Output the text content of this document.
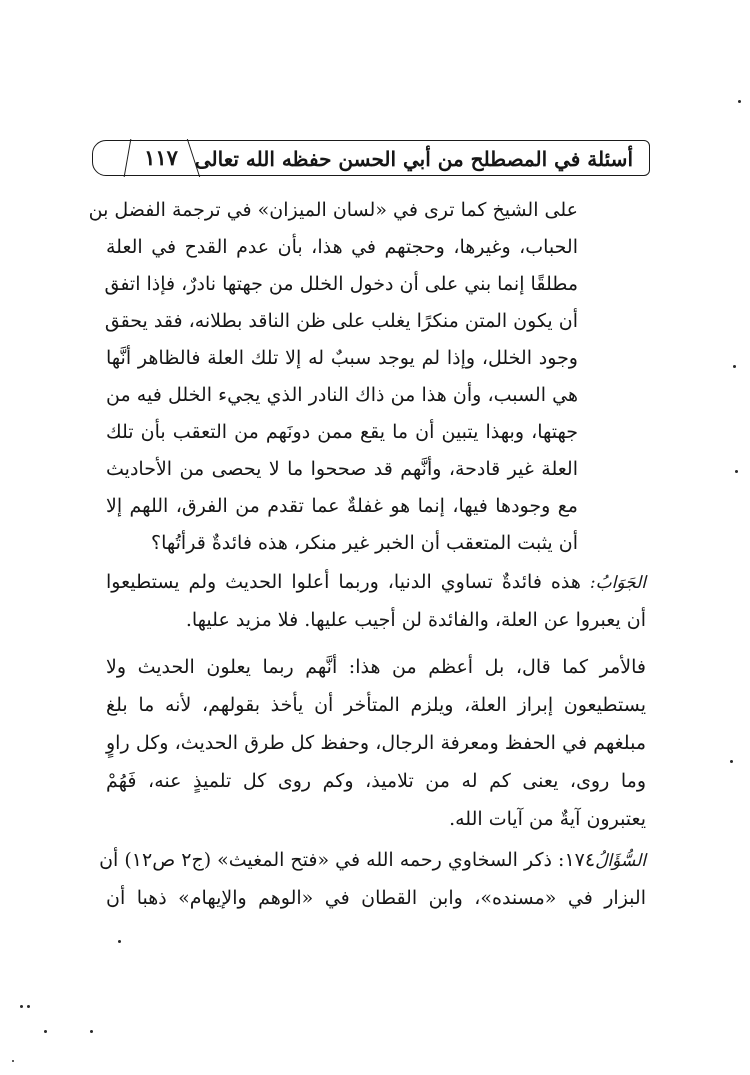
أسئلة في المصطلح من أبي الحسن حفظه الله تعالى
١١٧
على الشيخ كما ترى في «لسان الميزان» في ترجمة الفضل بن
الحباب، وغيرها، وحجتهم في هذا، بأن عدم القدح في العلة
مطلقًا إنما بني على أن دخول الخلل من جهتها نادرٌ، فإذا اتفق
أن يكون المتن منكرًا يغلب على ظن الناقد بطلانه، فقد يحقق
وجود الخلل، وإذا لم يوجد سببٌ له إلا تلك العلة فالظاهر أنَّها
هي السبب، وأن هذا من ذاك النادر الذي يجيء الخلل فيه من
جهتها، وبهذا يتبين أن ما يقع ممن دونَهم من التعقب بأن تلك
العلة غير قادحة، وأنَّهم قد صححوا ما لا يحصى من الأحاديث
مع وجودها فيها، إنما هو غفلةٌ عما تقدم من الفرق، اللهم إلا
أن يثبت المتعقب أن الخبر غير منكر، هذه فائدةٌ قرأتُها؟
الجَوَابُ: هذه فائدةٌ تساوي الدنيا، وربما أعلوا الحديث ولم يستطيعوا
أن يعبروا عن العلة، والفائدة لن أجيب عليها. فلا مزيد عليها.
فالأمر كما قال، بل أعظم من هذا: أنَّهم ربما يعلون الحديث ولا
يستطيعون إبراز العلة، ويلزم المتأخر أن يأخذ بقولهم، لأنه ما بلغ
مبلغهم في الحفظ ومعرفة الرجال، وحفظ كل طرق الحديث، وكل راوٍ
وما روى، يعنى كم له من تلاميذ، وكم روى كل تلميذٍ عنه، فَهُمْ
يعتبرون آيةٌ من آيات الله.
السُّؤَالُ١٧٤: ذكر السخاوي رحمه الله في «فتح المغيث» (ج٢ ص١٢) أن
البزار في «مسنده»، وابن القطان في «الوهم والإيهام» ذهبا أن
